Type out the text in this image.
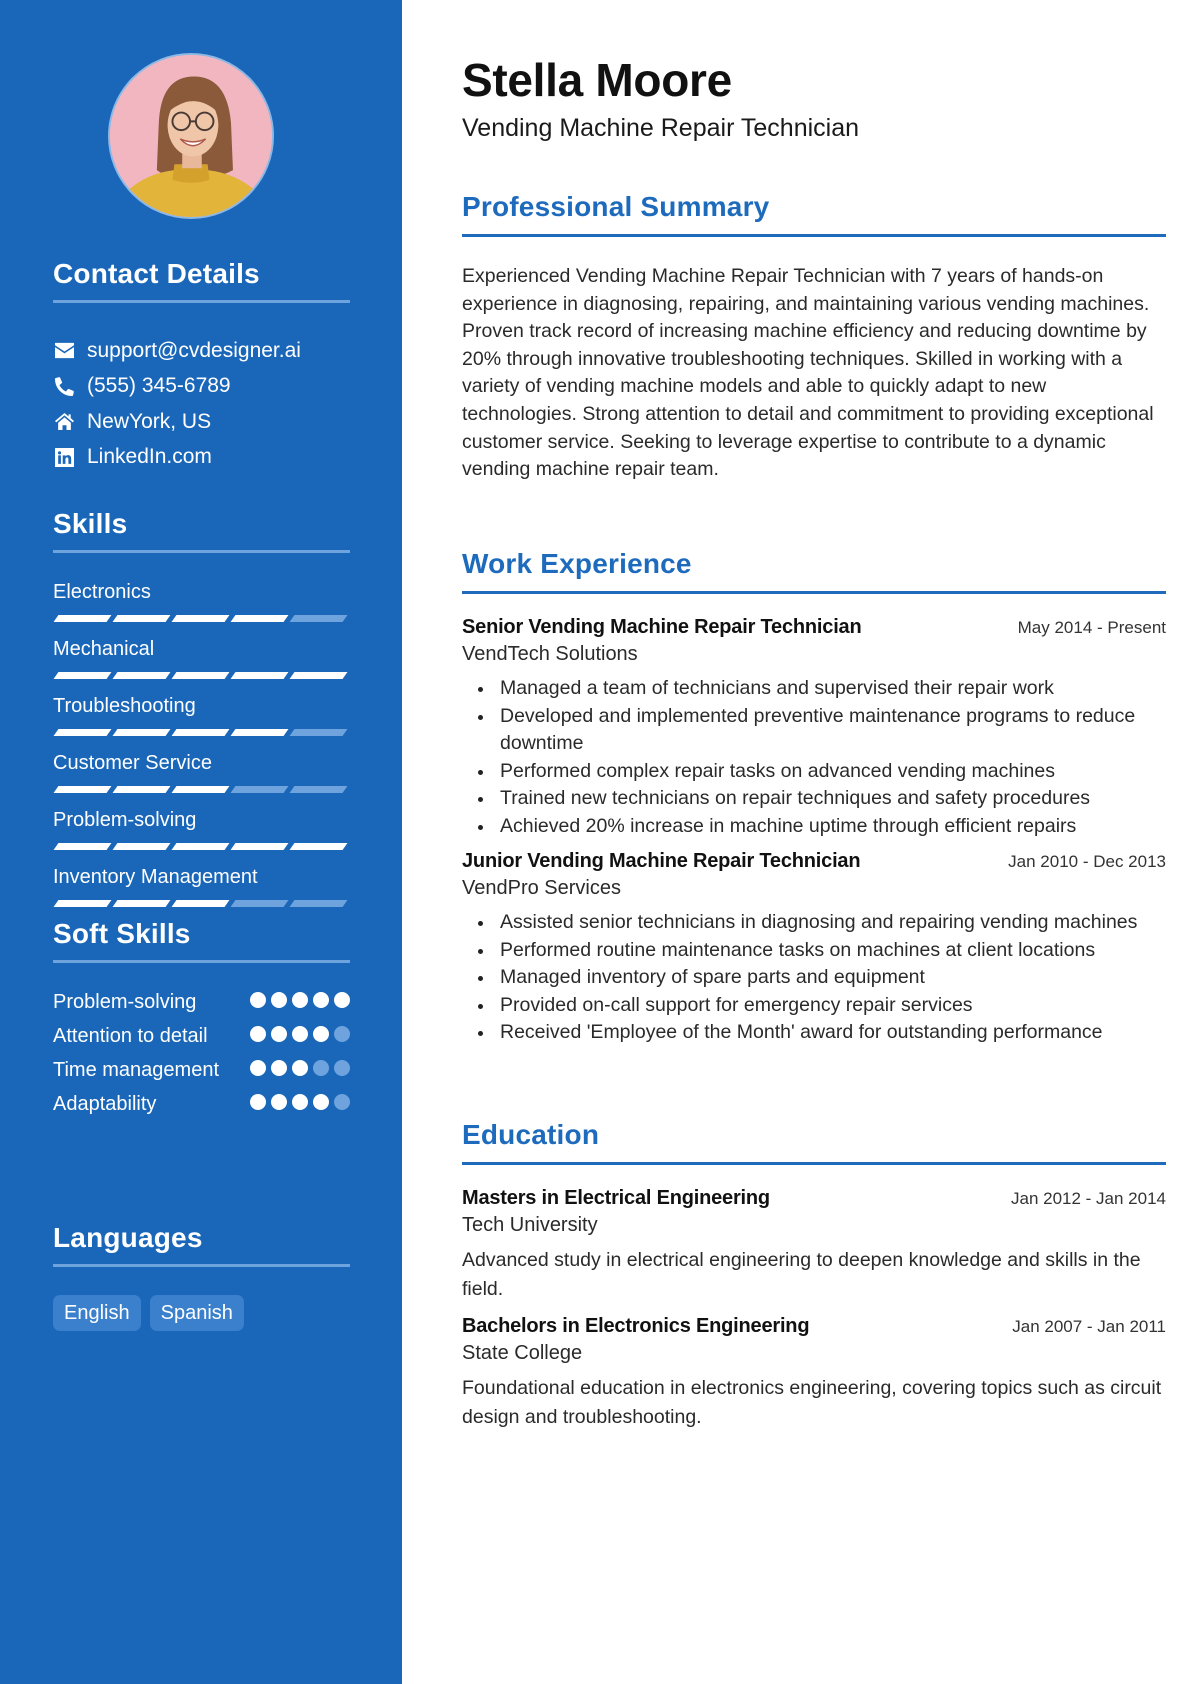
Contact Details
support@cvdesigner.ai
(555) 345-6789
NewYork, US
LinkedIn.com
Skills
Electronics
Mechanical
Troubleshooting
Customer Service
Problem-solving
Inventory Management
Soft Skills
Problem-solving
Attention to detail
Time management
Adaptability
Languages
English	Spanish
Stella Moore
Vending Machine Repair Technician
Professional Summary

Experienced Vending Machine Repair Technician with 7 years of hands-on experience in diagnosing, repairing, and maintaining various vending machines. Proven track record of increasing machine efficiency and reducing downtime by 20% through innovative troubleshooting techniques. Skilled in working with a variety of vending machine models and able to quickly adapt to new technologies. Strong attention to detail and commitment to providing exceptional customer service. Seeking to leverage expertise to contribute to a dynamic vending machine repair team.

Work Experience
Senior Vending Machine Repair Technician	May 2014 - Present
VendTech Solutions
Managed a team of technicians and supervised their repair work
Developed and implemented preventive maintenance programs to reduce downtime
Performed complex repair tasks on advanced vending machines
Trained new technicians on repair techniques and safety procedures
Achieved 20% increase in machine uptime through efficient repairs
Junior Vending Machine Repair Technician	Jan 2010 - Dec 2013
VendPro Services
Assisted senior technicians in diagnosing and repairing vending machines
Performed routine maintenance tasks on machines at client locations
Managed inventory of spare parts and equipment
Provided on-call support for emergency repair services
Received 'Employee of the Month' award for outstanding performance
Education
Masters in Electrical Engineering	Jan 2012 - Jan 2014
Tech University

Advanced study in electrical engineering to deepen knowledge and skills in the field.

Bachelors in Electronics Engineering	Jan 2007 - Jan 2011
State College

Foundational education in electronics engineering, covering topics such as circuit design and troubleshooting.
